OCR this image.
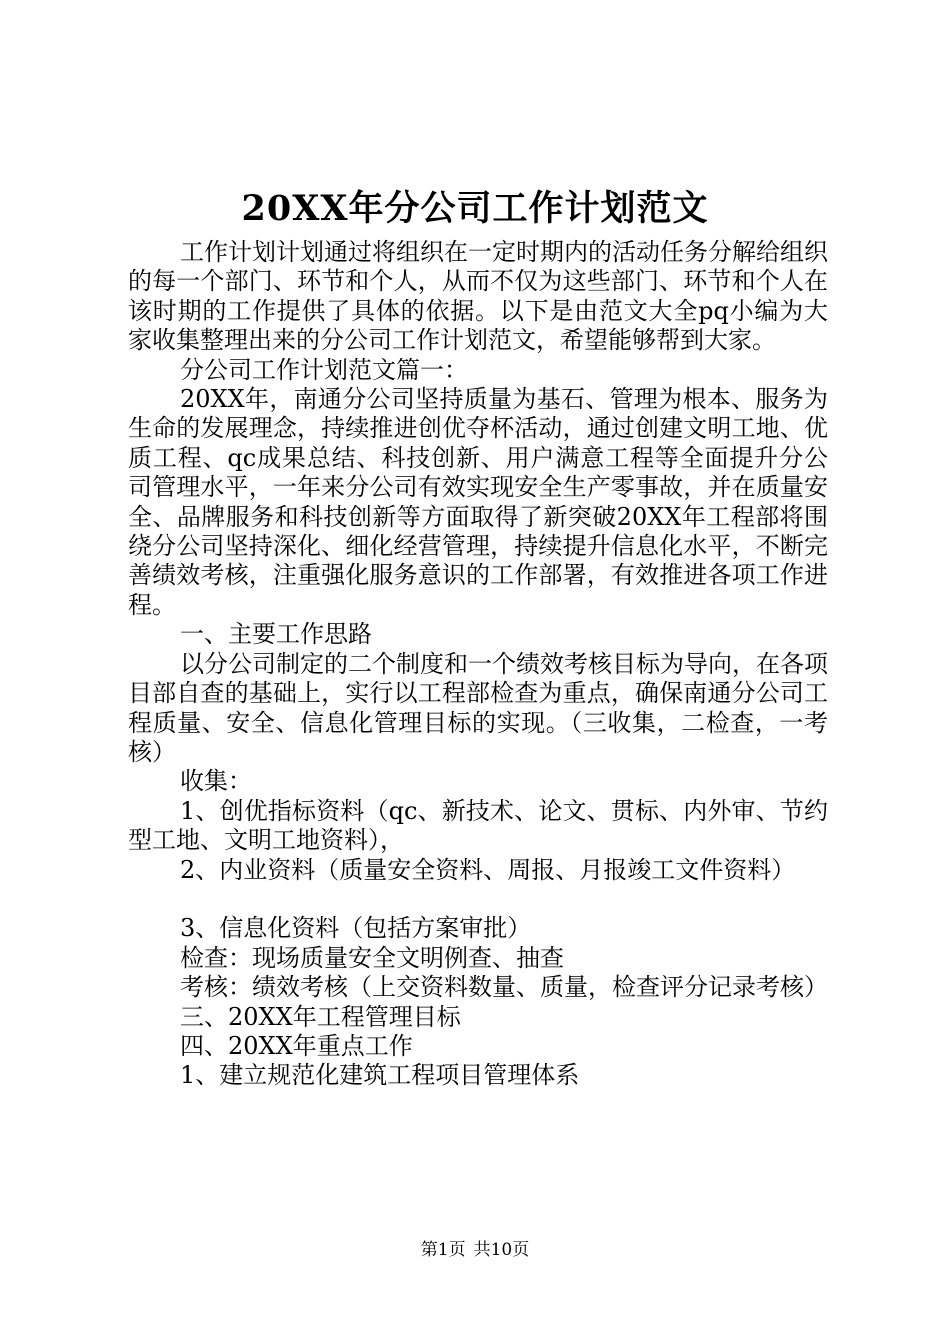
20XX年分公司工作计划范文

工作计划计划通过将组织在一定时期内的活动任务分解给组织的每一个部门、环节和个人，从而不仅为这些部门、环节和个人在该时期的工作提供了具体的依据。以下是由范文大全pq小编为大家收集整理出来的分公司工作计划范文，希望能够帮到大家。

分公司工作计划范文篇一：

20XX年，南通分公司坚持质量为基石、管理为根本、服务为生命的发展理念，持续推进创优夺杯活动，通过创建文明工地、优质工程、qc成果总结、科技创新、用户满意工程等全面提升分公司管理水平，一年来分公司有效实现安全生产零事故，并在质量安全、品牌服务和科技创新等方面取得了新突破20XX年工程部将围绕分公司坚持深化、细化经营管理，持续提升信息化水平，不断完善绩效考核，注重强化服务意识的工作部署，有效推进各项工作进程。

一、主要工作思路

以分公司制定的二个制度和一个绩效考核目标为导向，在各项目部自查的基础上，实行以工程部检查为重点，确保南通分公司工程质量、安全、信息化管理目标的实现。（三收集，二检查，一考核）

收集：

1、创优指标资料（qc、新技术、论文、贯标、内外审、节约型工地、文明工地资料），

2、内业资料（质量安全资料、周报、月报竣工文件资料）

3、信息化资料（包括方案审批）

检查：现场质量安全文明例查、抽查

考核：绩效考核（上交资料数量、质量，检查评分记录考核）

三、20XX年工程管理目标

四、20XX年重点工作

1、建立规范化建筑工程项目管理体系

第1页 共10页
